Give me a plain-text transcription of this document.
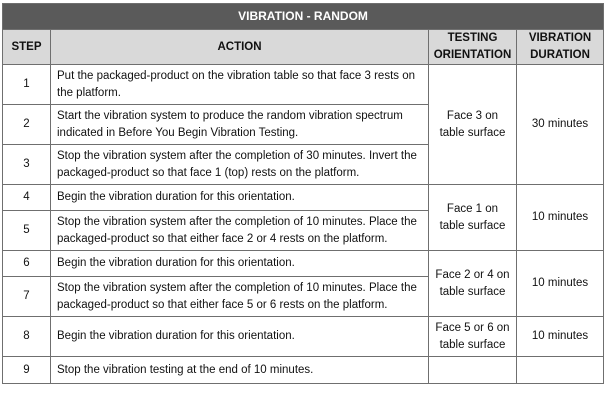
VIBRATION - RANDOM			
STEP	ACTION	TESTING ORIENTATION	VIBRATION DURATION
1	Put the packaged-product on the vibration table so that face 3 rests on the platform.	Face 3 on table surface	30 minutes
2	Start the vibration system to produce the random vibration spectrum indicated in Before You Begin Vibration Testing.		
3	Stop the vibration system after the completion of 30 minutes. Invert the packaged-product so that face 1 (top) rests on the platform.		
4	Begin the vibration duration for this orientation.	Face 1 on table surface	10 minutes
5	Stop the vibration system after the completion of 10 minutes. Place the packaged-product so that either face 2 or 4 rests on the platform.		
6	Begin the vibration duration for this orientation.	Face 2 or 4 on table surface	10 minutes
7	Stop the vibration system after the completion of 10 minutes. Place the packaged-product so that either face 5 or 6 rests on the platform.		
8	Begin the vibration duration for this orientation.	Face 5 or 6 on table surface	10 minutes
9	Stop the vibration testing at the end of 10 minutes.		
